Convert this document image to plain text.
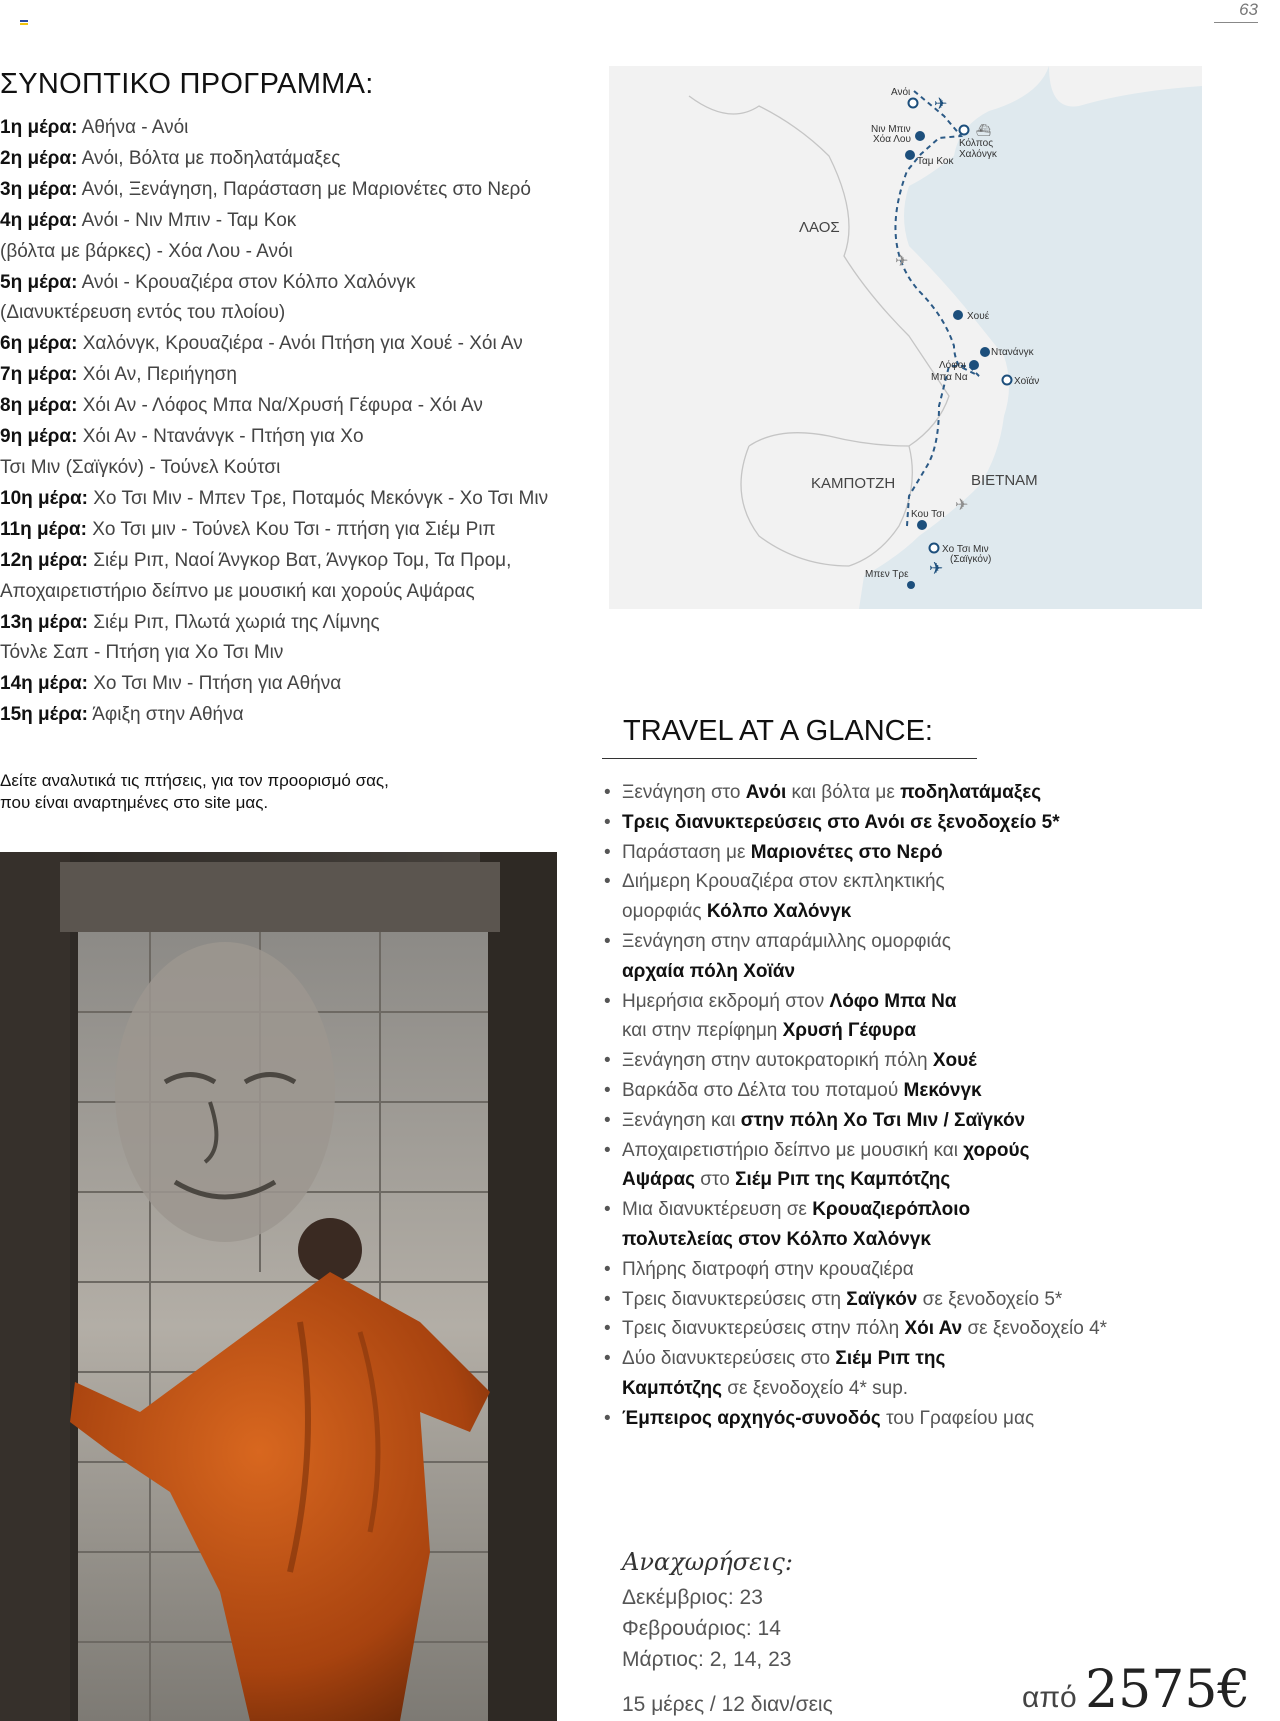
63
ΣΥΝΟΠΤΙΚΟ ΠΡΟΓΡΑΜΜΑ:
1η μέρα: Αθήνα - Ανόι
2η μέρα: Ανόι, Βόλτα με ποδηλατάμαξες
3η μέρα: Ανόι, Ξενάγηση, Παράσταση με Μαριονέτες στο Νερό
4η μέρα: Ανόι - Νιν Μπιν - Ταμ Κοκ
(βόλτα με βάρκες) - Χόα Λου - Ανόι
5η μέρα: Ανόι - Κρουαζιέρα στον Κόλπο Χαλόνγκ
(Διανυκτέρευση εντός του πλοίου)
6η μέρα: Χαλόνγκ, Κρουαζιέρα - Ανόι Πτήση για Χουέ - Χόι Αν
7η μέρα: Χόι Αν, Περιήγηση
8η μέρα: Χόι Αν - Λόφος Μπα Να/Χρυσή Γέφυρα - Χόι Αν
9η μέρα: Χόι Αν - Ντανάνγκ - Πτήση για Χο
Τσι Μιν (Σαϊγκόν) - Τούνελ Κούτσι
10η μέρα: Χο Τσι Μιν - Μπεν Τρε, Ποταμός Μεκόνγκ - Χο Τσι Μιν
11η μέρα: Χο Τσι μιν - Τούνελ Κου Τσι - πτήση για Σιέμ Ριπ
12η μέρα: Σιέμ Ριπ, Ναοί Άνγκορ Βατ, Άνγκορ Τομ, Τα Προμ,
Αποχαιρετιστήριο δείπνο με μουσική και χορούς Αψάρας
13η μέρα: Σιέμ Ριπ, Πλωτά χωριά της Λίμνης
Τόνλε Σαπ - Πτήση για Χο Τσι Μιν
14η μέρα: Χο Τσι Μιν - Πτήση για Αθήνα
15η μέρα: Άφιξη στην Αθήνα
Δείτε αναλυτικά τις πτήσεις, για τον προορισμό σας,
που είναι αναρτημένες στο site μας.
✈
⛴
✈
✈
✈
Ανόι
Νιν Μπιν
Χόα Λου
Ταμ Κοκ
Κόλπος
Χαλόνγκ
Χουέ
Ντανάνγκ
Λόφοι
Μπα Να	Χοϊάν
Κου Τσι
Χο Τσι Μιν
(Σαϊγκόν)
Μπεν Τρε
ΛΑΟΣ
ΚΑΜΠΟΤΖΗ	ΒΙΕΤΝΑΜ
TRAVEL AT A GLANCE:
• Ξενάγηση στο Ανόι και βόλτα με ποδηλατάμαξες
• Τρεις διανυκτερεύσεις στο Ανόι σε ξενοδοχείο 5*
• Παράσταση με Μαριονέτες στο Νερό
• Διήμερη Κρουαζιέρα στον εκπληκτικής
ομορφιάς Κόλπο Χαλόνγκ
• Ξενάγηση στην απαράμιλλης ομορφιάς
αρχαία πόλη Χοϊάν
• Ημερήσια εκδρομή στον Λόφο Μπα Να
και στην περίφημη Χρυσή Γέφυρα
• Ξενάγηση στην αυτοκρατορική πόλη Χουέ
• Βαρκάδα στο Δέλτα του ποταμού Μεκόνγκ
• Ξενάγηση και στην πόλη Χο Τσι Μιν / Σαϊγκόν
• Αποχαιρετιστήριο δείπνο με μουσική και χορούς
Αψάρας στο Σιέμ Ριπ της Καμπότζης
• Μια διανυκτέρευση σε Κρουαζιερόπλοιο
πολυτελείας στον Κόλπο Χαλόνγκ
• Πλήρης διατροφή στην κρουαζιέρα
• Τρεις διανυκτερεύσεις στη Σαϊγκόν σε ξενοδοχείο 5*
• Τρεις διανυκτερεύσεις στην πόλη Χόι Αν σε ξενοδοχείο 4*
• Δύο διανυκτερεύσεις στο Σιέμ Ριπ της
Καμπότζης σε ξενοδοχείο 4* sup.
• Έμπειρος αρχηγός-συνοδός του Γραφείου μας
Αναχωρήσεις:
Δεκέμβριος: 23
Φεβρουάριος: 14
Μάρτιος: 2, 14, 23
15 μέρες / 12 διαν/σεις	από 2575€
